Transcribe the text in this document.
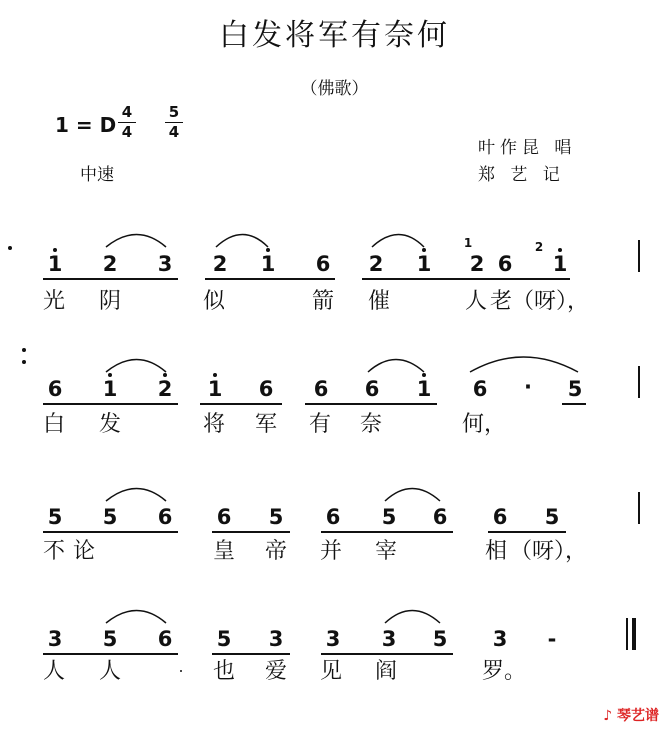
白发将军有奈何
（佛歌）
1 = D
4
4
5
4
中速
叶作昆 唱
郑 艺 记
1 2 3 2 1 6 2 1 2 6 1
1	2
光 阴	似	箭 催	人 老 （呀），
6 1 2 1 6 6 6 1 6	·	5
白 发	将 军 有 奈	何，
5 5 6 6 5 6 5 6 6 5
不 论	皇 帝 并 宰	相 （呀），
3 5 6 5 3 3 3 5 3	-
人 人	也 爱 见 阎	罗。
♪ 琴艺谱
